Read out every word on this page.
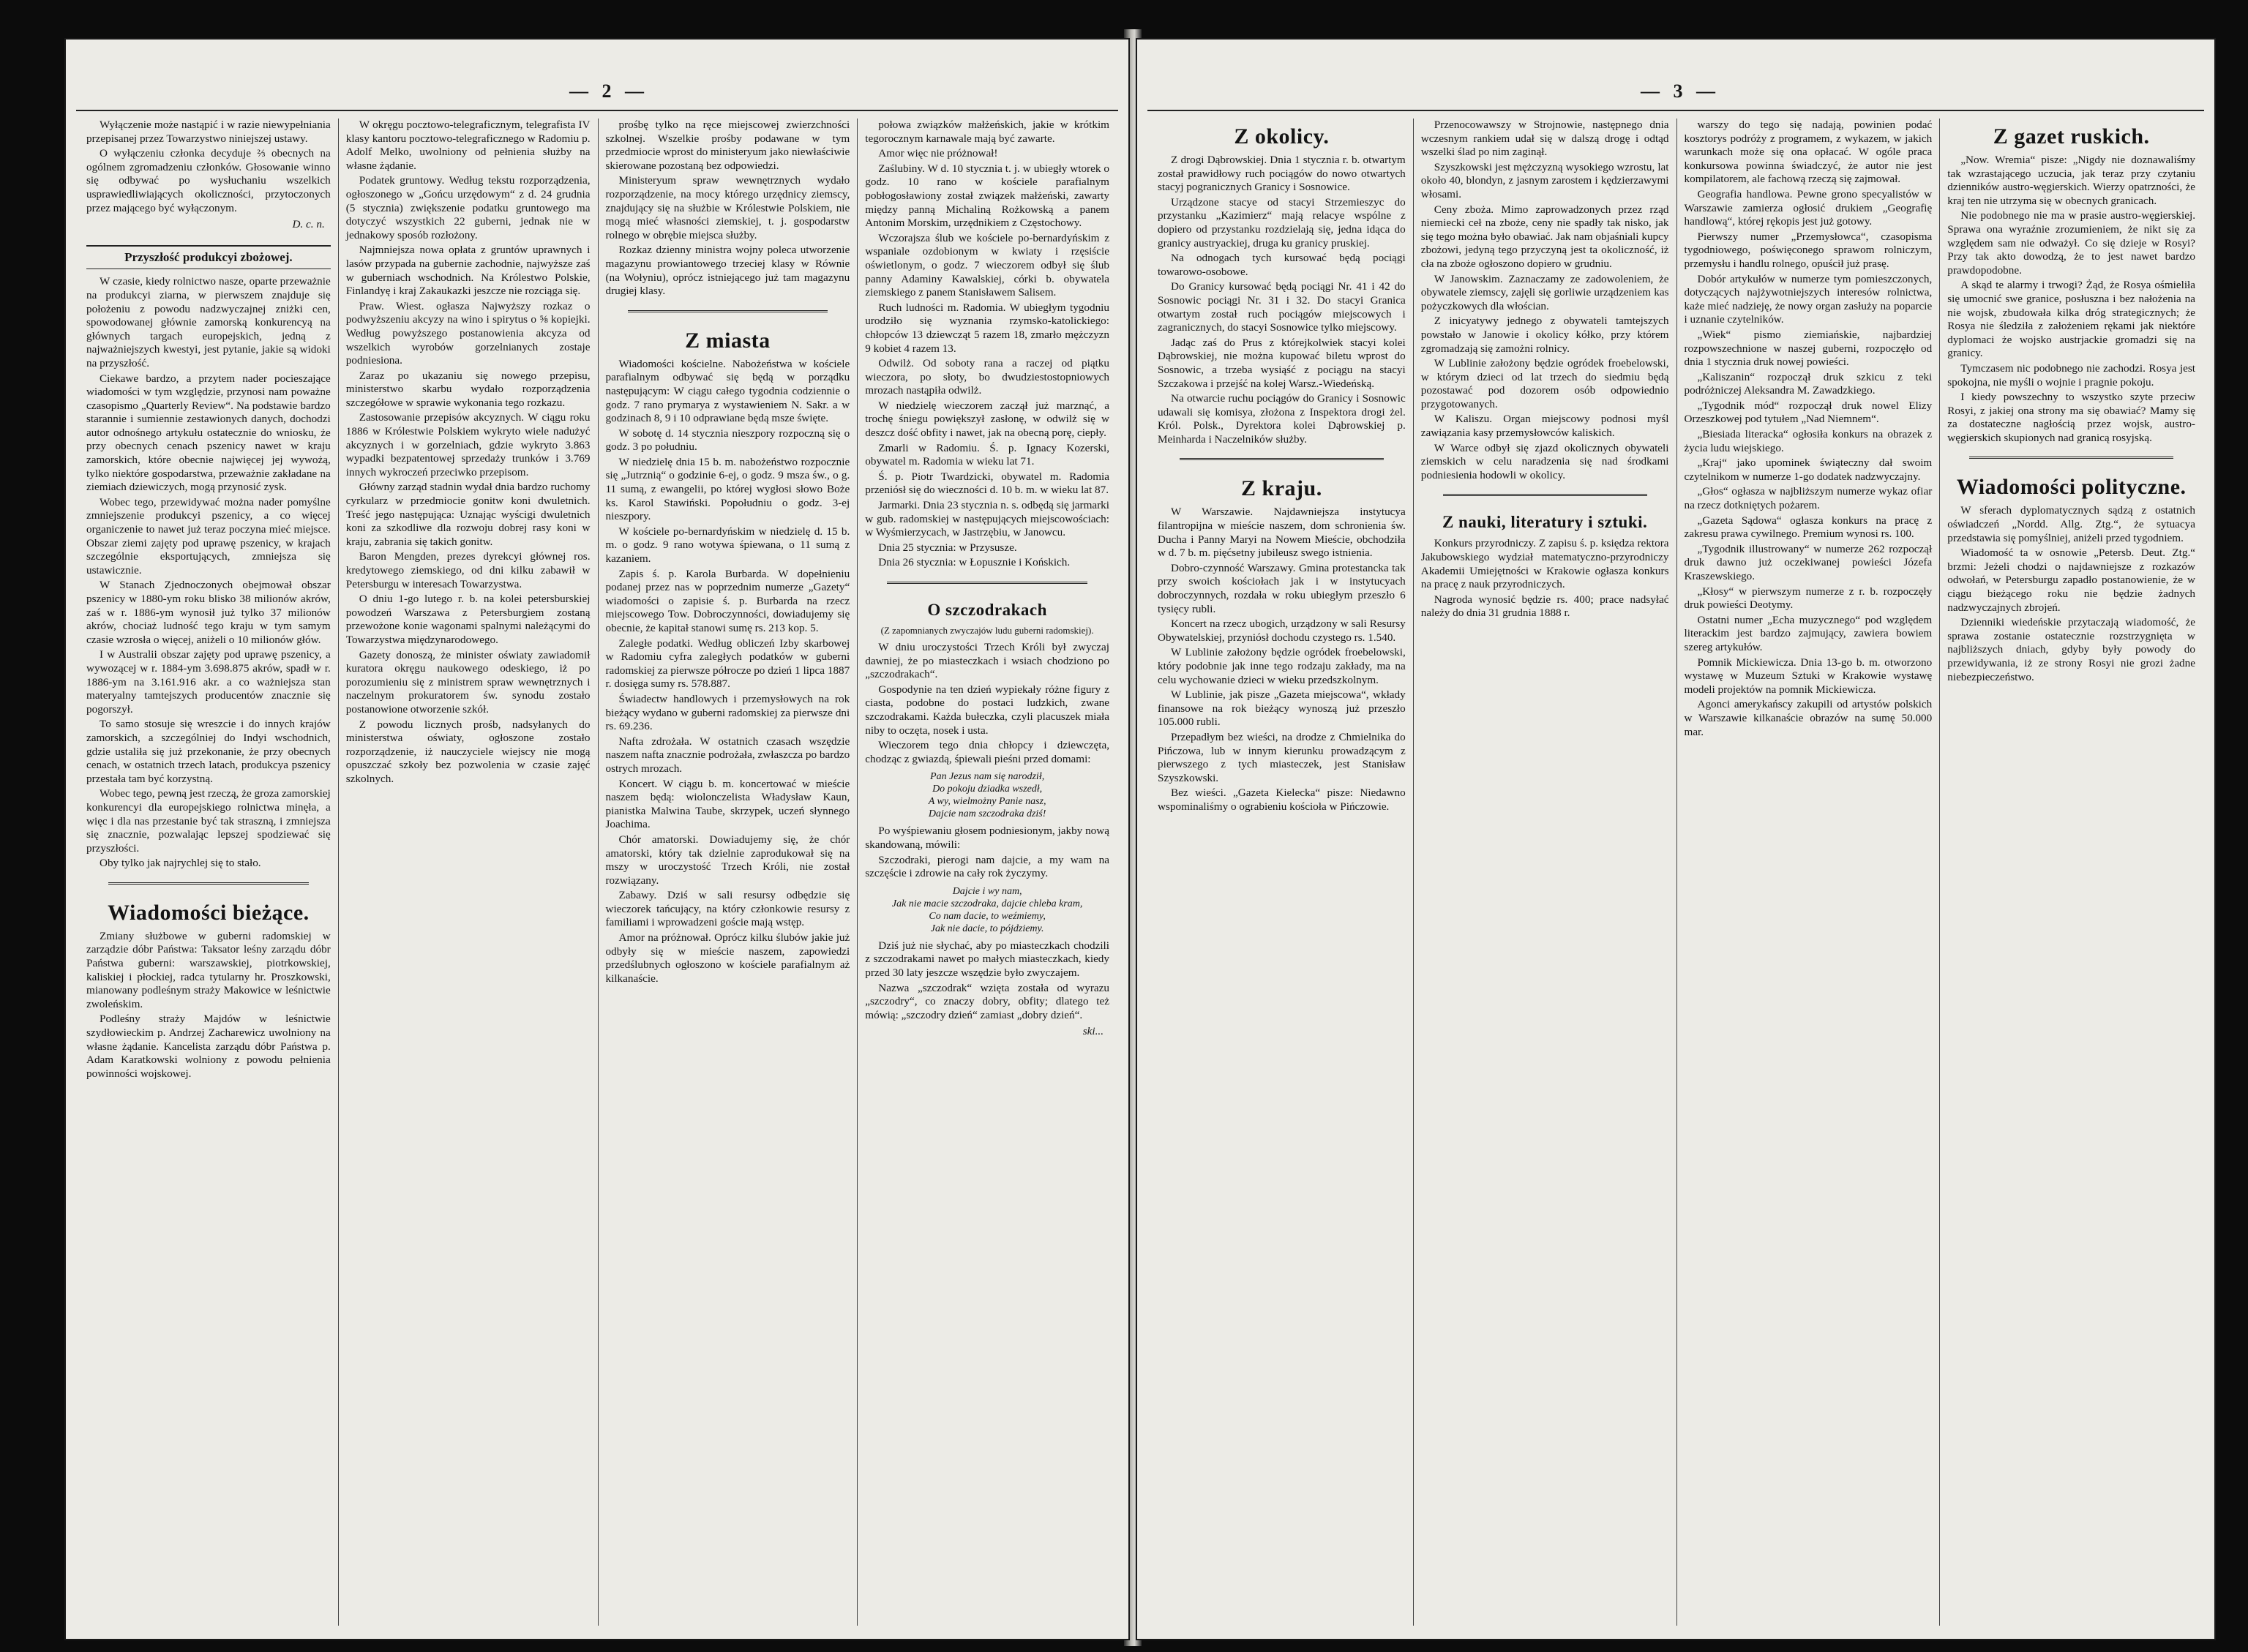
— 2 —

Wyłączenie może nastąpić i w razie niewypełniania przepisanej przez Towarzystwo niniejszej ustawy.

O wyłączeniu członka decyduje ⅔ obecnych na ogólnem zgromadzeniu członków. Głosowanie winno się odbywać po wysłuchaniu wszelkich usprawiedliwiających okoliczności, przytoczonych przez mającego być wyłączonym.

D. c. n.
Przyszłość produkcyi zbożowej.

W czasie, kiedy rolnictwo nasze, oparte przeważnie na produkcyi ziarna, w pierwszem znajduje się położeniu z powodu nadzwyczajnej zniżki cen, spowodowanej głównie zamorską konkurencyą na głównych targach europejskich, jedną z najważniejszych kwestyi, jest pytanie, jakie są widoki na przyszłość.

Ciekawe bardzo, a przytem nader pocieszające wiadomości w tym względzie, przynosi nam poważne czasopismo „Quarterly Review“. Na podstawie bardzo starannie i sumiennie zestawionych danych, dochodzi autor odnośnego artykułu ostatecznie do wniosku, że przy obecnych cenach pszenicy nawet w kraju zamorskich, które obecnie najwięcej jej wywożą, tylko niektóre gospodarstwa, przeważnie zakładane na ziemiach dziewiczych, mogą przynosić zysk.

Wobec tego, przewidywać można nader pomyślne zmniejszenie produkcyi pszenicy, a co więcej organiczenie to nawet już teraz poczyna mieć miejsce. Obszar ziemi zajęty pod uprawę pszenicy, w krajach szczególnie eksportujących, zmniejsza się ustawicznie.

W Stanach Zjednoczonych obejmował obszar pszenicy w 1880-ym roku blisko 38 milionów akrów, zaś w r. 1886-ym wynosił już tylko 37 milionów akrów, chociaż ludność tego kraju w tym samym czasie wzrosła o więcej, aniżeli o 10 milionów głów.

I w Australii obszar zajęty pod uprawę pszenicy, a wywozącej w r. 1884-ym 3.698.875 akrów, spadł w r. 1886-ym na 3.161.916 akr. a co ważniejsza stan materyalny tamtejszych producentów znacznie się pogorszył.

To samo stosuje się wreszcie i do innych krajów zamorskich, a szczególniej do Indyi wschodnich, gdzie ustaliła się już przekonanie, że przy obecnych cenach, w ostatnich trzech latach, produkcya pszenicy przestała tam być korzystną.

Wobec tego, pewną jest rzeczą, że groza zamorskiej konkurencyi dla europejskiego rolnictwa minęła, a więc i dla nas przestanie być tak straszną, i zmniejsza się znacznie, pozwalając lepszej spodziewać się przyszłości.

Oby tylko jak najrychlej się to stało.

Wiadomości bieżące.

Zmiany służbowe w guberni radomskiej w zarządzie dóbr Państwa: Taksator leśny zarządu dóbr Państwa guberni: warszawskiej, piotrkowskiej, kaliskiej i płockiej, radca tytularny hr. Proszkowski, mianowany podleśnym straży Makowice w leśnictwie zwoleńskim.

Podleśny straży Majdów w leśnictwie szydłowieckim p. Andrzej Zacharewicz uwolniony na własne żądanie. Kancelista zarządu dóbr Państwa p. Adam Karatkowski wolniony z powodu pełnienia powinności wojskowej.

W okręgu pocztowo-telegraficznym, telegrafista IV klasy kantoru pocztowo-telegraficznego w Radomiu p. Adolf Melko, uwolniony od pełnienia służby na własne żądanie.

Podatek gruntowy. Według tekstu rozporządzenia, ogłoszonego w „Gońcu urzędowym“ z d. 24 grudnia (5 stycznia) zwiększenie podatku gruntowego ma dotyczyć wszystkich 22 guberni, jednak nie w jednakowy sposób rozłożony.

Najmniejsza nowa opłata z gruntów uprawnych i lasów przypada na gubernie zachodnie, najwyższe zaś w guberniach wschodnich. Na Królestwo Polskie, Finlandyę i kraj Zakaukazki jeszcze nie rozciąga się.

Praw. Wiest. ogłasza Najwyższy rozkaz o podwyższeniu akcyzy na wino i spirytus o ⅝ kopiejki. Według powyższego postanowienia akcyza od wszelkich wyrobów gorzelnianych zostaje podniesiona.

Zaraz po ukazaniu się nowego przepisu, ministerstwo skarbu wydało rozporządzenia szczegółowe w sprawie wykonania tego rozkazu.

Zastosowanie przepisów akcyznych. W ciągu roku 1886 w Królestwie Polskiem wykryto wiele nadużyć akcyznych i w gorzelniach, gdzie wykryto 3.863 wypadki bezpatentowej sprzedaży trunków i 3.769 innych wykroczeń przeciwko przepisom.

Główny zarząd stadnin wydał dnia bardzo ruchomy cyrkularz w przedmiocie gonitw koni dwuletnich. Treść jego następująca: Uznając wyścigi dwuletnich koni za szkodliwe dla rozwoju dobrej rasy koni w kraju, zabrania się takich gonitw.

Baron Mengden, prezes dyrekcyi głównej ros. kredytowego ziemskiego, od dni kilku zabawił w Petersburgu w interesach Towarzystwa.

O dniu 1-go lutego r. b. na kolei petersburskiej powodzeń Warszawa z Petersburgiem zostaną przewożone konie wagonami spalnymi należącymi do Towarzystwa międzynarodowego.

Gazety donoszą, że minister oświaty zawiadomił kuratora okręgu naukowego odeskiego, iż po porozumieniu się z ministrem spraw wewnętrznych i naczelnym prokuratorem św. synodu zostało postanowione otworzenie szkół.

Z powodu licznych prośb, nadsyłanych do ministerstwa oświaty, ogłoszone zostało rozporządzenie, iż nauczyciele wiejscy nie mogą opuszczać szkoły bez pozwolenia w czasie zajęć szkolnych.

prośbę tylko na ręce miejscowej zwierzchności szkolnej. Wszelkie prośby podawane w tym przedmiocie wprost do ministeryum jako niewłaściwie skierowane pozostaną bez odpowiedzi.

Ministeryum spraw wewnętrznych wydało rozporządzenie, na mocy którego urzędnicy ziemscy, znajdujący się na służbie w Królestwie Polskiem, nie mogą mieć własności ziemskiej, t. j. gospodarstw rolnego w obrębie miejsca służby.

Rozkaz dzienny ministra wojny poleca utworzenie magazynu prowiantowego trzeciej klasy w Równie (na Wołyniu), oprócz istniejącego już tam magazynu drugiej klasy.

Z miasta

Wiadomości kościelne. Nabożeństwa w kościele parafialnym odbywać się będą w porządku następującym: W ciągu całego tygodnia codziennie o godz. 7 rano prymarya z wystawieniem N. Sakr. a w godzinach 8, 9 i 10 odprawiane będą msze święte.

W sobotę d. 14 stycznia nieszpory rozpoczną się o godz. 3 po południu.

W niedzielę dnia 15 b. m. nabożeństwo rozpocznie się „Jutrznią“ o godzinie 6-ej, o godz. 9 msza św., o g. 11 sumą, z ewangelii, po której wygłosi słowo Boże ks. Karol Stawiński. Popołudniu o godz. 3-ej nieszpory.

W kościele po-bernardyńskim w niedzielę d. 15 b. m. o godz. 9 rano wotywa śpiewana, o 11 sumą z kazaniem.

Zapis ś. p. Karola Burbarda. W dopełnieniu podanej przez nas w poprzednim numerze „Gazety“ wiadomości o zapisie ś. p. Burbarda na rzecz miejscowego Tow. Dobroczynności, dowiadujemy się obecnie, że kapitał stanowi sumę rs. 213 kop. 5.

Zaległe podatki. Według obliczeń Izby skarbowej w Radomiu cyfra zaległych podatków w guberni radomskiej za pierwsze półrocze po dzień 1 lipca 1887 r. dosięga sumy rs. 578.887.

Świadectw handlowych i przemysłowych na rok bieżący wydano w guberni radomskiej za pierwsze dni rs. 69.236.

Nafta zdrożała. W ostatnich czasach wszędzie naszem nafta znacznie podrożała, zwłaszcza po bardzo ostrych mrozach.

Koncert. W ciągu b. m. koncertować w mieście naszem będą: wiolonczelista Władysław Kaun, pianistka Malwina Taube, skrzypek, uczeń słynnego Joachima.

Chór amatorski. Dowiadujemy się, że chór amatorski, który tak dzielnie zaprodukował się na mszy w uroczystość Trzech Króli, nie został rozwiązany.

Zabawy. Dziś w sali resursy odbędzie się wieczorek tańcujący, na który członkowie resursy z familiami i wprowadzeni goście mają wstęp.

Amor na próżnował. Oprócz kilku ślubów jakie już odbyły się w mieście naszem, zapowiedzi przedślubnych ogłoszono w kościele parafialnym aż kilkanaście.

połowa związków małżeńskich, jakie w krótkim tegorocznym karnawale mają być zawarte.

Amor więc nie próżnował!

Zaślubiny. W d. 10 stycznia t. j. w ubiegły wtorek o godz. 10 rano w kościele parafialnym pobłogosławiony został związek małżeński, zawarty między panną Michaliną Rożkowską a panem Antonim Morskim, urzędnikiem z Częstochowy.

Wczorajsza ślub we kościele po-bernardyńskim z wspaniale ozdobionym w kwiaty i rzęsiście oświetlonym, o godz. 7 wieczorem odbył się ślub panny Adaminy Kawalskiej, córki b. obywatela ziemskiego z panem Stanisławem Salisem.

Ruch ludności m. Radomia. W ubiegłym tygodniu urodziło się wyznania rzymsko-katolickiego: chłopców 13 dziewcząt 5 razem 18, zmarło mężczyzn 9 kobiet 4 razem 13.

Odwilż. Od soboty rana a raczej od piątku wieczora, po słoty, bo dwudziestostopniowych mrozach nastąpiła odwilż.

W niedzielę wieczorem zaczął już marznąć, a trochę śniegu powiększył zasłonę, w odwilż się w deszcz dość obfity i nawet, jak na obecną porę, ciepły.

Zmarli w Radomiu. Ś. p. Ignacy Kozerski, obywatel m. Radomia w wieku lat 71.

Ś. p. Piotr Twardzicki, obywatel m. Radomia przeniósł się do wieczności d. 10 b. m. w wieku lat 87.

Jarmarki. Dnia 23 stycznia n. s. odbędą się jarmarki w gub. radomskiej w następujących miejscowościach: w Wyśmierzycach, w Jastrzębiu, w Janowcu.

Dnia 25 stycznia: w Przysusze.

Dnia 26 stycznia: w Łopusznie i Końskich.

O szczodrakach
(Z zapomnianych zwyczajów ludu guberni radomskiej).

W dniu uroczystości Trzech Króli był zwyczaj dawniej, że po miasteczkach i wsiach chodziono po „szczodrakach“.

Gospodynie na ten dzień wypiekały różne figury z ciasta, podobne do postaci ludzkich, zwane szczodrakami. Każda bułeczka, czyli placuszek miała niby to oczęta, nosek i usta.

Wieczorem tego dnia chłopcy i dziewczęta, chodząc z gwiazdą, śpiewali pieśni przed domami:

Pan Jezus nam się narodził,
Do pokoju dziadka wszedł,
A wy, wielmożny Panie nasz,
Dajcie nam szczodraka dziś!

Po wyśpiewaniu głosem podniesionym, jakby nową skandowaną, mówili:

Szczodraki, pierogi nam dajcie, a my wam na szczęście i zdrowie na cały rok życzymy.

Dajcie i wy nam,
Jak nie macie szczodraka, dajcie chleba kram,
Co nam dacie, to weźmiemy,
Jak nie dacie, to pójdziemy.

Dziś już nie słychać, aby po miasteczkach chodzili z szczodrakami nawet po małych miasteczkach, kiedy przed 30 laty jeszcze wszędzie było zwyczajem.

Nazwa „szczodrak“ wzięta została od wyrazu „szczodry“, co znaczy dobry, obfity; dlatego też mówią: „szczodry dzień“ zamiast „dobry dzień“.

ski...
— 3 —
Z okolicy.

Z drogi Dąbrowskiej. Dnia 1 stycznia r. b. otwartym został prawidłowy ruch pociągów do nowo otwartych stacyj pogranicznych Granicy i Sosnowice.

Urządzone stacye od stacyi Strzemieszyc do przystanku „Kazimierz“ mają relacye wspólne z dopiero od przystanku rozdzielają się, jedna idąca do granicy austryackiej, druga ku granicy pruskiej.

Na odnogach tych kursować będą pociągi towarowo-osobowe.

Do Granicy kursować będą pociągi Nr. 41 i 42 do Sosnowic pociągi Nr. 31 i 32. Do stacyi Granica otwartym został ruch pociągów miejscowych i zagranicznych, do stacyi Sosnowice tylko miejscowy.

Jadąc zaś do Prus z którejkolwiek stacyi kolei Dąbrowskiej, nie można kupować biletu wprost do Sosnowic, a trzeba wysiąść z pociągu na stacyi Szczakowa i przejść na kolej Warsz.-Wiedeńską.

Na otwarcie ruchu pociągów do Granicy i Sosnowic udawali się komisya, złożona z Inspektora drogi żel. Król. Polsk., Dyrektora kolei Dąbrowskiej p. Meinharda i Naczelników służby.

Z kraju.

W Warszawie. Najdawniejsza instytucya filantropijna w mieście naszem, dom schronienia św. Ducha i Panny Maryi na Nowem Mieście, obchodziła w d. 7 b. m. pięćsetny jubileusz swego istnienia.

Dobro-czynność Warszawy. Gmina protestancka tak przy swoich kościołach jak i w instytucyach dobroczynnych, rozdała w roku ubiegłym przeszło 6 tysięcy rubli.

Koncert na rzecz ubogich, urządzony w sali Resursy Obywatelskiej, przyniósł dochodu czystego rs. 1.540.

W Lublinie założony będzie ogródek froebelowski, który podobnie jak inne tego rodzaju zakłady, ma na celu wychowanie dzieci w wieku przedszkolnym.

W Lublinie, jak pisze „Gazeta miejscowa“, wkłady finansowe na rok bieżący wynoszą już przeszło 105.000 rubli.

Przepadłym bez wieści, na drodze z Chmielnika do Pińczowa, lub w innym kierunku prowadzącym z pierwszego z tych miasteczek, jest Stanisław Szyszkowski.

Bez wieści. „Gazeta Kielecka“ pisze: Niedawno wspominaliśmy o ograbieniu kościoła w Pińczowie.

Przenocowawszy w Strojnowie, następnego dnia wczesnym rankiem udał się w dalszą drogę i odtąd wszelki ślad po nim zaginął.

Szyszkowski jest mężczyzną wysokiego wzrostu, lat około 40, blondyn, z jasnym zarostem i kędzierzawymi włosami.

Ceny zboża. Mimo zaprowadzonych przez rząd niemiecki ceł na zboże, ceny nie spadły tak nisko, jak się tego można było obawiać. Jak nam objaśniali kupcy zbożowi, jedyną tego przyczyną jest ta okoliczność, iż cła na zboże ogłoszono dopiero w grudniu.

W Janowskim. Zaznaczamy ze zadowoleniem, że obywatele ziemscy, zajęli się gorliwie urządzeniem kas pożyczkowych dla włościan.

Z inicyatywy jednego z obywateli tamtejszych powstało w Janowie i okolicy kółko, przy którem zgromadzają się zamożni rolnicy.

W Lublinie założony będzie ogródek froebelowski, w którym dzieci od lat trzech do siedmiu będą pozostawać pod dozorem osób odpowiednio przygotowanych.

W Kaliszu. Organ miejscowy podnosi myśl zawiązania kasy przemysłowców kaliskich.

W Warce odbył się zjazd okolicznych obywateli ziemskich w celu naradzenia się nad środkami podniesienia hodowli w okolicy.

Z nauki, literatury i sztuki.

Konkurs przyrodniczy. Z zapisu ś. p. księdza rektora Jakubowskiego wydział matematyczno-przyrodniczy Akademii Umiejętności w Krakowie ogłasza konkurs na pracę z nauk przyrodniczych.

Nagroda wynosić będzie rs. 400; prace nadsyłać należy do dnia 31 grudnia 1888 r.

warszy do tego się nadają, powinien podać kosztorys podróży z programem, z wykazem, w jakich warunkach może się ona opłacać. W ogóle praca konkursowa powinna świadczyć, że autor nie jest kompilatorem, ale fachową rzeczą się zajmował.

Geografia handlowa. Pewne grono specyalistów w Warszawie zamierza ogłosić drukiem „Geografię handlową“, której rękopis jest już gotowy.

Pierwszy numer „Przemysłowca“, czasopisma tygodniowego, poświęconego sprawom rolniczym, przemysłu i handlu rolnego, opuścił już prasę.

Dobór artykułów w numerze tym pomieszczonych, dotyczących najżywotniejszych interesów rolnictwa, każe mieć nadzieję, że nowy organ zasłuży na poparcie i uznanie czytelników.

„Wiek“ pismo ziemiańskie, najbardziej rozpowszechnione w naszej guberni, rozpoczęło od dnia 1 stycznia druk nowej powieści.

„Kaliszanin“ rozpoczął druk szkicu z teki podróżniczej Aleksandra M. Zawadzkiego.

„Tygodnik mód“ rozpoczął druk nowel Elizy Orzeszkowej pod tytułem „Nad Niemnem“.

„Biesiada literacka“ ogłosiła konkurs na obrazek z życia ludu wiejskiego.

„Kraj“ jako upominek świąteczny dał swoim czytelnikom w numerze 1-go dodatek nadzwyczajny.

„Głos“ ogłasza w najbliższym numerze wykaz ofiar na rzecz dotkniętych pożarem.

„Gazeta Sądowa“ ogłasza konkurs na pracę z zakresu prawa cywilnego. Premium wynosi rs. 100.

„Tygodnik illustrowany“ w numerze 262 rozpoczął druk dawno już oczekiwanej powieści Józefa Kraszewskiego.

„Kłosy“ w pierwszym numerze z r. b. rozpoczęły druk powieści Deotymy.

Ostatni numer „Echa muzycznego“ pod względem literackim jest bardzo zajmujący, zawiera bowiem szereg artykułów.

Pomnik Mickiewicza. Dnia 13-go b. m. otworzono wystawę w Muzeum Sztuki w Krakowie wystawę modeli projektów na pomnik Mickiewicza.

Agonci amerykańscy zakupili od artystów polskich w Warszawie kilkanaście obrazów na sumę 50.000 mar.

Z gazet ruskich.

„Now. Wremia“ pisze: „Nigdy nie doznawaliśmy tak wzrastającego uczucia, jak teraz przy czytaniu dzienników austro-węgierskich. Wierzy opatrzności, że kraj ten nie utrzyma się w obecnych granicach.

Nie podobnego nie ma w prasie austro-węgierskiej. Sprawa ona wyraźnie zrozumieniem, że nikt się za względem sam nie odważył. Co się dzieje w Rosyi? Przy tak akto dowodzą, że to jest nawet bardzo prawdopodobne.

A skąd te alarmy i trwogi? Żąd, że Rosya ośmieliła się umocnić swe granice, posłuszna i bez nałożenia na nie wojsk, zbudowała kilka dróg strategicznych; że Rosya nie śledziła z założeniem rękami jak niektóre dyplomaci że wojsko austrjackie gromadzi się na granicy.

Tymczasem nic podobnego nie zachodzi. Rosya jest spokojna, nie myśli o wojnie i pragnie pokoju.

I kiedy powszechny to wszystko szyte przeciw Rosyi, z jakiej ona strony ma się obawiać? Mamy się za dostateczne nagłością przez wojsk, austro-węgierskich skupionych nad granicą rosyjską.

Wiadomości polityczne.

W sferach dyplomatycznych sądzą z ostatnich oświadczeń „Nordd. Allg. Ztg.“, że sytuacya przedstawia się pomyślniej, aniżeli przed tygodniem.

Wiadomość ta w osnowie „Petersb. Deut. Ztg.“ brzmi: Jeżeli chodzi o najdawniejsze z rozkazów odwołań, w Petersburgu zapadło postanowienie, że w ciągu bieżącego roku nie będzie żadnych nadzwyczajnych zbrojeń.

Dzienniki wiedeńskie przytaczają wiadomość, że sprawa zostanie ostatecznie rozstrzygnięta w najbliższych dniach, gdyby były powody do przewidywania, iż ze strony Rosyi nie grozi żadne niebezpieczeństwo.
